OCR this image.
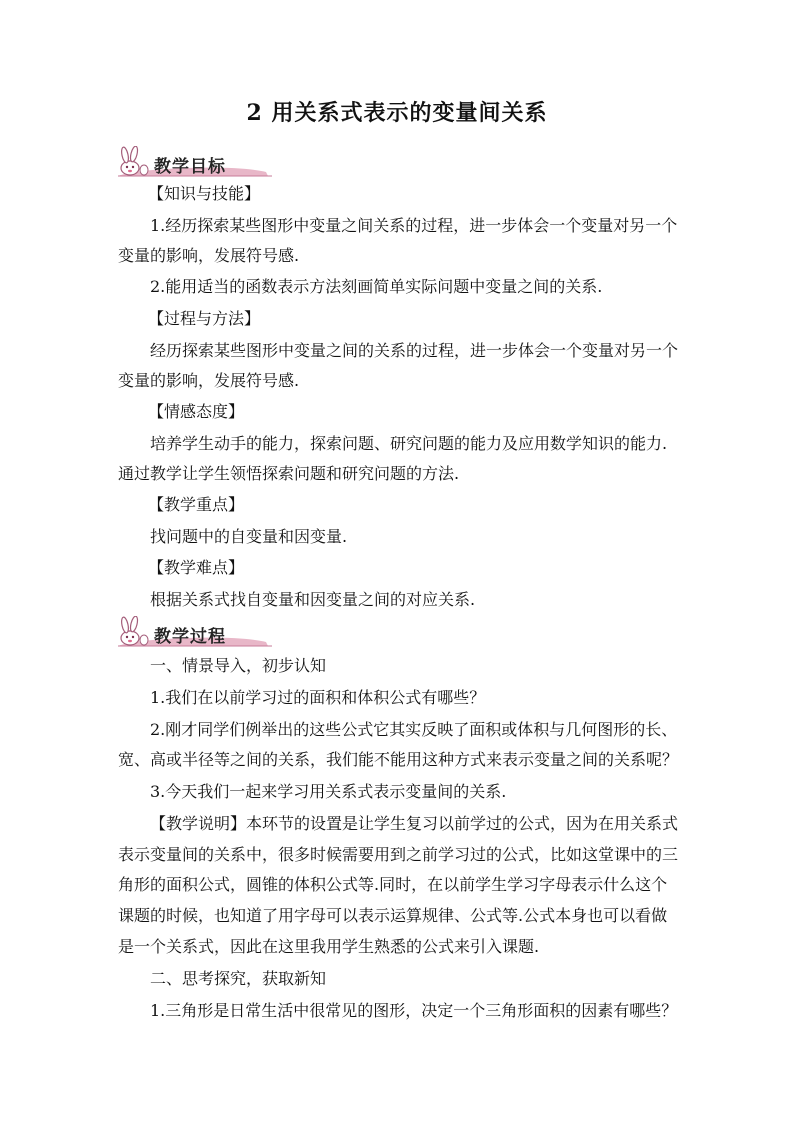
2 用关系式表示的变量间关系
教学目标
【知识与技能】
1.经历探索某些图形中变量之间关系的过程，进一步体会一个变量对另一个
变量的影响，发展符号感.
2.能用适当的函数表示方法刻画简单实际问题中变量之间的关系.
【过程与方法】
经历探索某些图形中变量之间的关系的过程，进一步体会一个变量对另一个
变量的影响，发展符号感.
【情感态度】
培养学生动手的能力，探索问题、研究问题的能力及应用数学知识的能力.
通过教学让学生领悟探索问题和研究问题的方法.
【教学重点】
找问题中的自变量和因变量.
【教学难点】
根据关系式找自变量和因变量之间的对应关系.
教学过程
一、情景导入，初步认知
1.我们在以前学习过的面积和体积公式有哪些？
2.刚才同学们例举出的这些公式它其实反映了面积或体积与几何图形的长、
宽、高或半径等之间的关系，我们能不能用这种方式来表示变量之间的关系呢？
3.今天我们一起来学习用关系式表示变量间的关系.
【教学说明】本环节的设置是让学生复习以前学过的公式，因为在用关系式
表示变量间的关系中，很多时候需要用到之前学习过的公式，比如这堂课中的三
角形的面积公式，圆锥的体积公式等.同时，在以前学生学习字母表示什么这个
课题的时候，也知道了用字母可以表示运算规律、公式等.公式本身也可以看做
是一个关系式，因此在这里我用学生熟悉的公式来引入课题.
二、思考探究，获取新知
1.三角形是日常生活中很常见的图形，决定一个三角形面积的因素有哪些？
